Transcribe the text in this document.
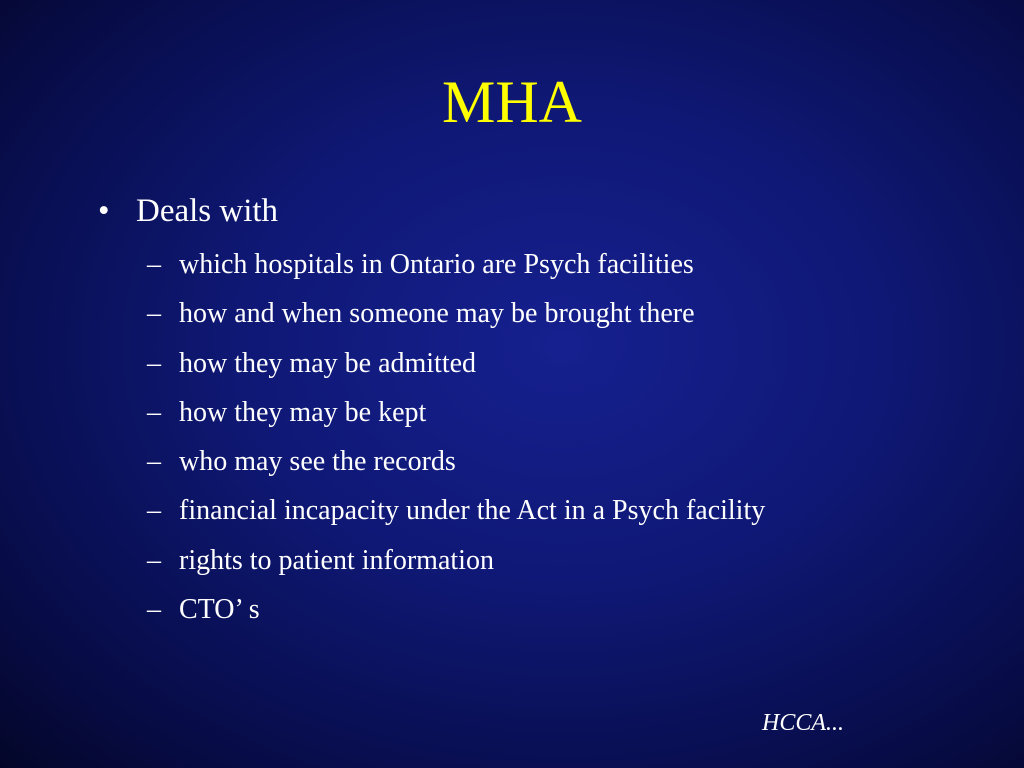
MHA
• Deals with
– which hospitals in Ontario are Psych facilities
– how and when someone may be brought there
– how they may be admitted
– how they may be kept
– who may see the records
– financial incapacity under the Act in a Psych facility
– rights to patient information
– CTO’ s
HCCA...
